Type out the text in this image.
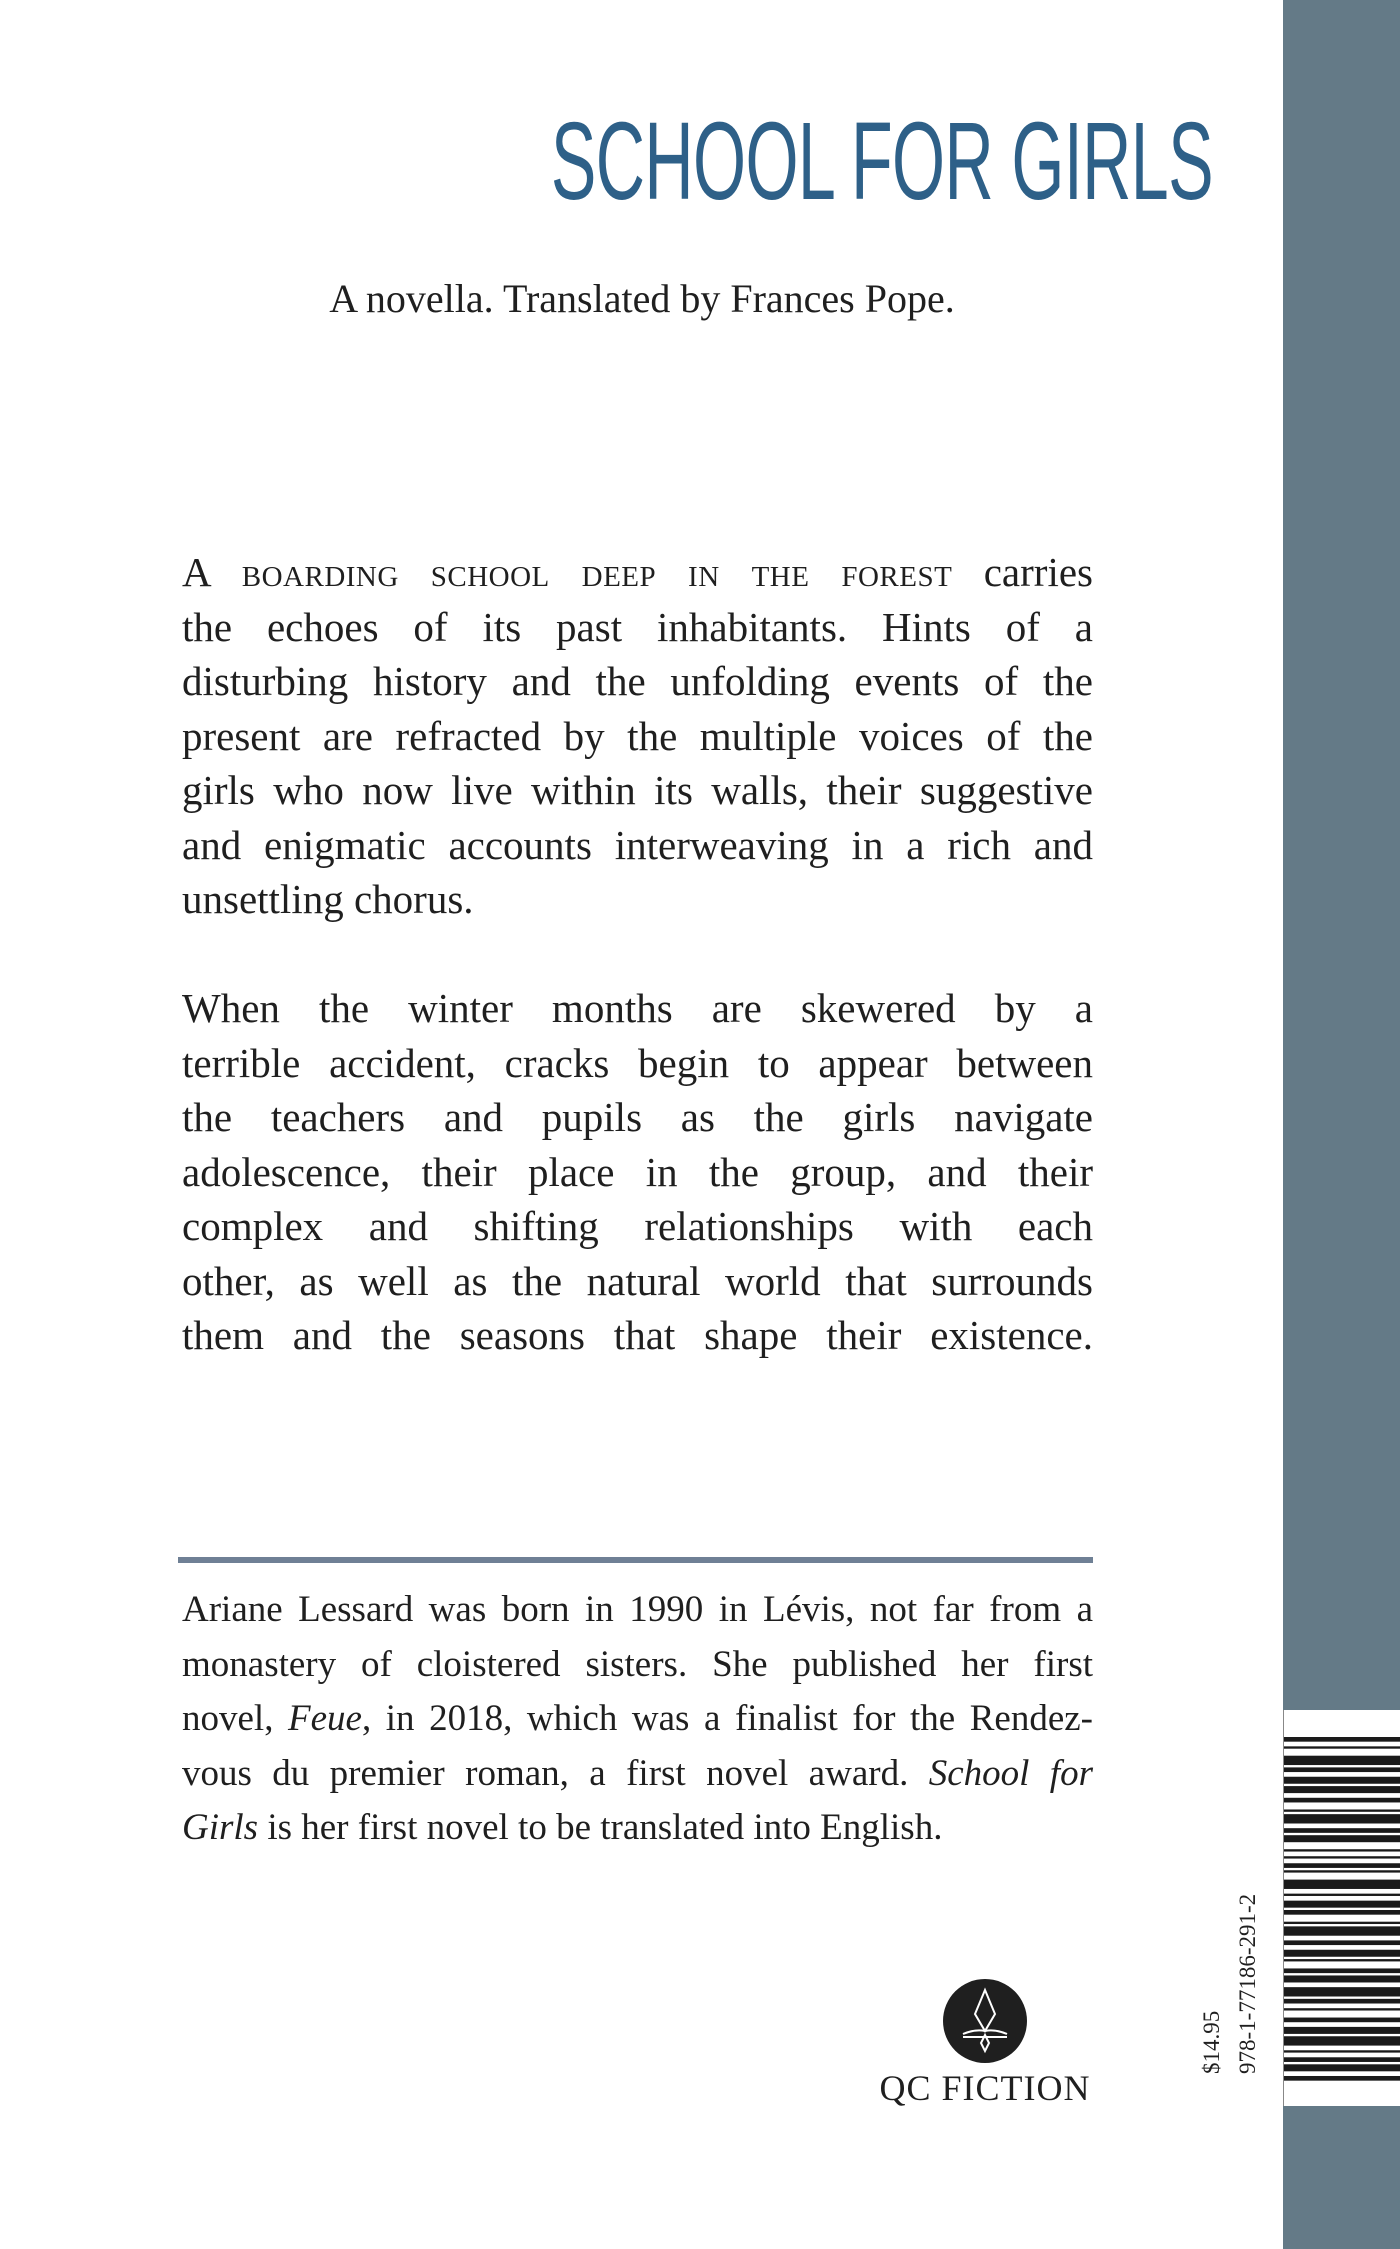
SCHOOL FOR GIRLS
A novella. Translated by Frances Pope.
A boarding school deep in the forest carries
the echoes of its past inhabitants. Hints of a
disturbing history and the unfolding events of the
present are refracted by the multiple voices of the
girls who now live within its walls, their suggestive
and enigmatic accounts interweaving in a rich and
unsettling chorus.
When the winter months are skewered by a
terrible accident, cracks begin to appear between
the teachers and pupils as the girls navigate
adolescence, their place in the group, and their
complex and shifting relationships with each
other, as well as the natural world that surrounds
them and the seasons that shape their existence.
Ariane Lessard was born in 1990 in Lévis, not far from a
monastery of cloistered sisters. She published her first
novel, Feue, in 2018, which was a finalist for the Rendez-
vous du premier roman, a first novel award. School for
Girls is her first novel to be translated into English.
QC FICTION
$14.95 978-1-77186-291-2
